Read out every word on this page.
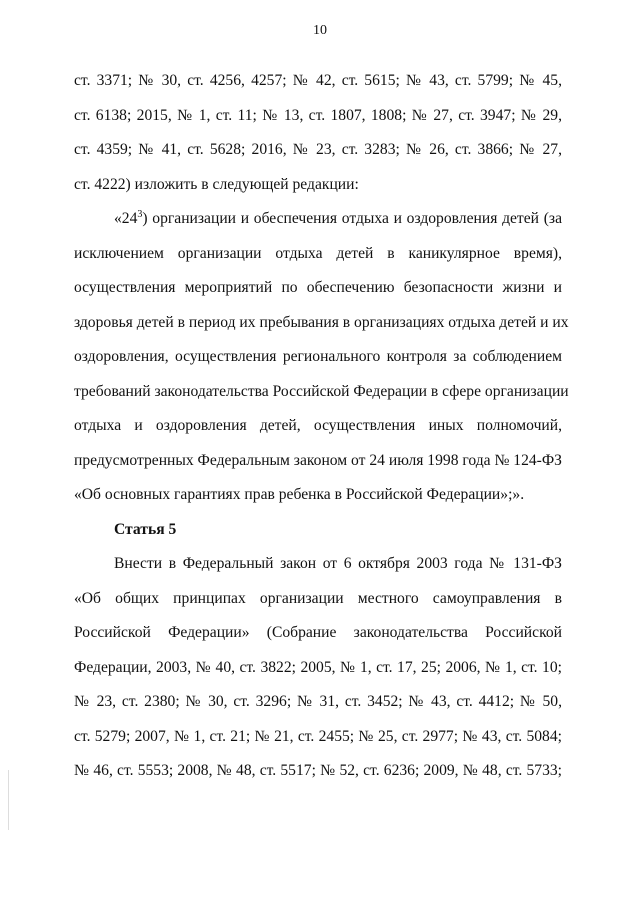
10
ст. 3371; № 30, ст. 4256, 4257; № 42, ст. 5615; № 43, ст. 5799; № 45,
ст. 6138; 2015, № 1, ст. 11; № 13, ст. 1807, 1808; № 27, ст. 3947; № 29,
ст. 4359; № 41, ст. 5628; 2016, № 23, ст. 3283; № 26, ст. 3866; № 27,
ст. 4222) изложить в следующей редакции:
«$24^3$) организации и обеспечения отдыха и оздоровления детей (за
исключением организации отдыха детей в каникулярное время),
осуществления мероприятий по обеспечению безопасности жизни и
здоровья детей в период их пребывания в организациях отдыха детей и их
оздоровления, осуществления регионального контроля за соблюдением
требований законодательства Российской Федерации в сфере организации
отдыха и оздоровления детей, осуществления иных полномочий,
предусмотренных Федеральным законом от 24 июля 1998 года № 124-ФЗ
«Об основных гарантиях прав ребенка в Российской Федерации»;».
Статья 5
Внести в Федеральный закон от 6 октября 2003 года № 131-ФЗ
«Об общих принципах организации местного самоуправления в
Российской Федерации» (Собрание законодательства Российской
Федерации, 2003, № 40, ст. 3822; 2005, № 1, ст. 17, 25; 2006, № 1, ст. 10;
№ 23, ст. 2380; № 30, ст. 3296; № 31, ст. 3452; № 43, ст. 4412; № 50,
ст. 5279; 2007, № 1, ст. 21; № 21, ст. 2455; № 25, ст. 2977; № 43, ст. 5084;
№ 46, ст. 5553; 2008, № 48, ст. 5517; № 52, ст. 6236; 2009, № 48, ст. 5733;
